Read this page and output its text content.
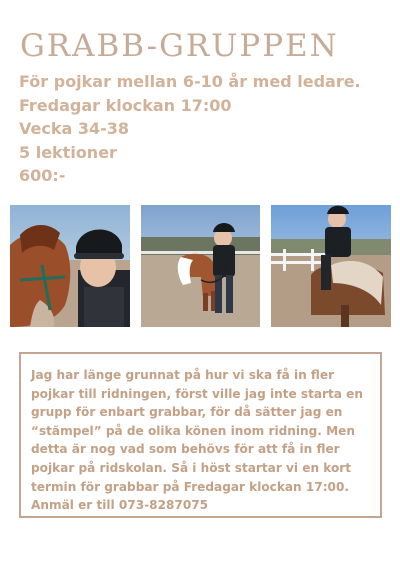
GRABB-GRUPPEN
För pojkar mellan 6-10 år med ledare.
Fredagar klockan 17:00
Vecka 34-38
5 lektioner
600:-

Jag har länge grunnat på hur vi ska få in fler pojkar till ridningen, först ville jag inte starta en grupp för enbart grabbar, för då sätter jag en “stämpel” på de olika könen inom ridning. Men detta är nog vad som behövs för att få in fler pojkar på ridskolan. Så i höst startar vi en kort termin för grabbar på Fredagar klockan 17:00. Anmäl er till 073-8287075
